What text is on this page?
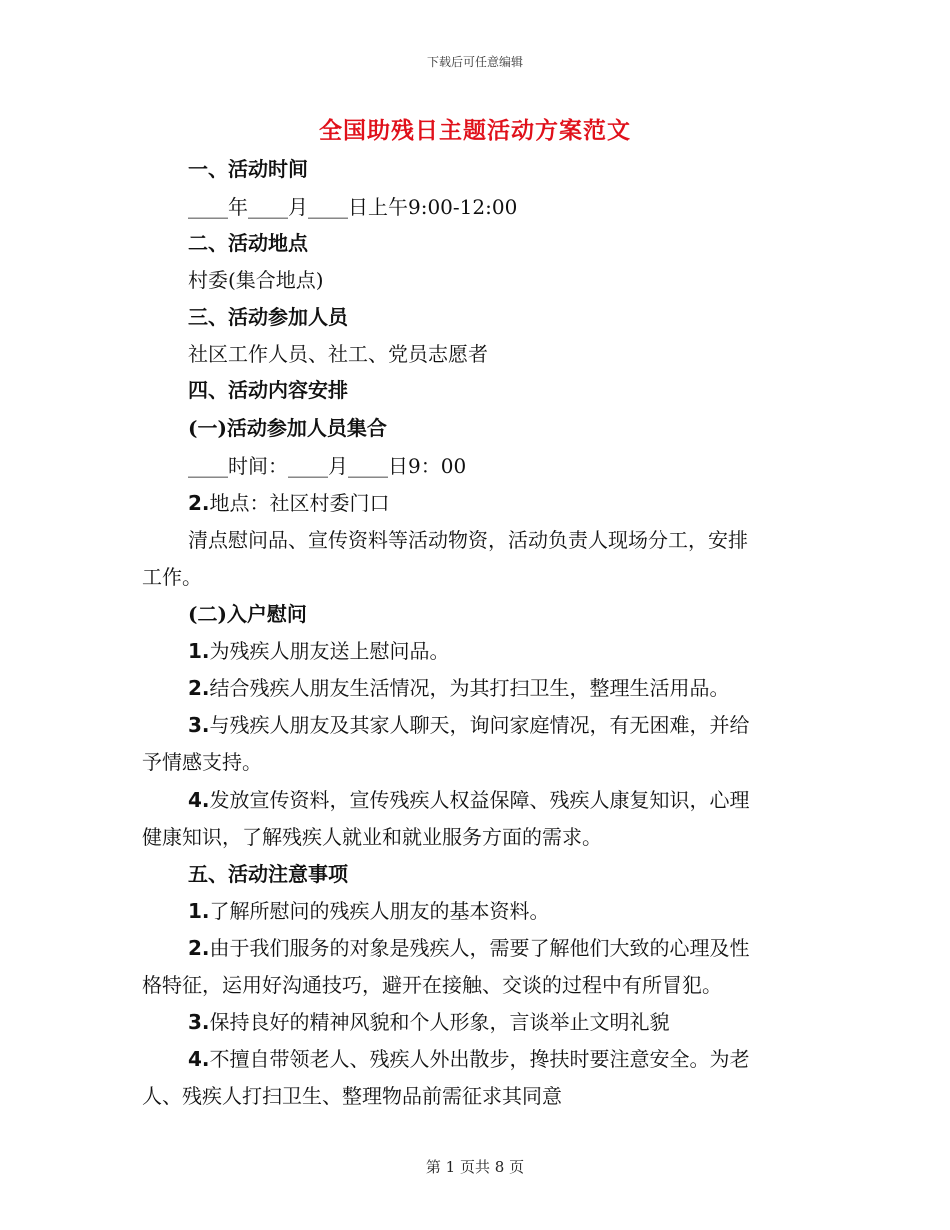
下载后可任意编辑
全国助残日主题活动方案范文
一、活动时间
____年____月____日上午9:00-12:00
二、活动地点
村委(集合地点)
三、活动参加人员
社区工作人员、社工、党员志愿者
四、活动内容安排
(一)活动参加人员集合
____时间：____月____日9：00
2.地点：社区村委门口
清点慰问品、宣传资料等活动物资，活动负责人现场分工，安排
工作。
(二)入户慰问
1.为残疾人朋友送上慰问品。
2.结合残疾人朋友生活情况，为其打扫卫生，整理生活用品。
3.与残疾人朋友及其家人聊天，询问家庭情况，有无困难，并给
予情感支持。
4.发放宣传资料，宣传残疾人权益保障、残疾人康复知识，心理
健康知识，了解残疾人就业和就业服务方面的需求。
五、活动注意事项
1.了解所慰问的残疾人朋友的基本资料。
2.由于我们服务的对象是残疾人，需要了解他们大致的心理及性
格特征，运用好沟通技巧，避开在接触、交谈的过程中有所冒犯。
3.保持良好的精神风貌和个人形象，言谈举止文明礼貌
4.不擅自带领老人、残疾人外出散步，搀扶时要注意安全。为老
人、残疾人打扫卫生、整理物品前需征求其同意
第 1 页共 8 页
